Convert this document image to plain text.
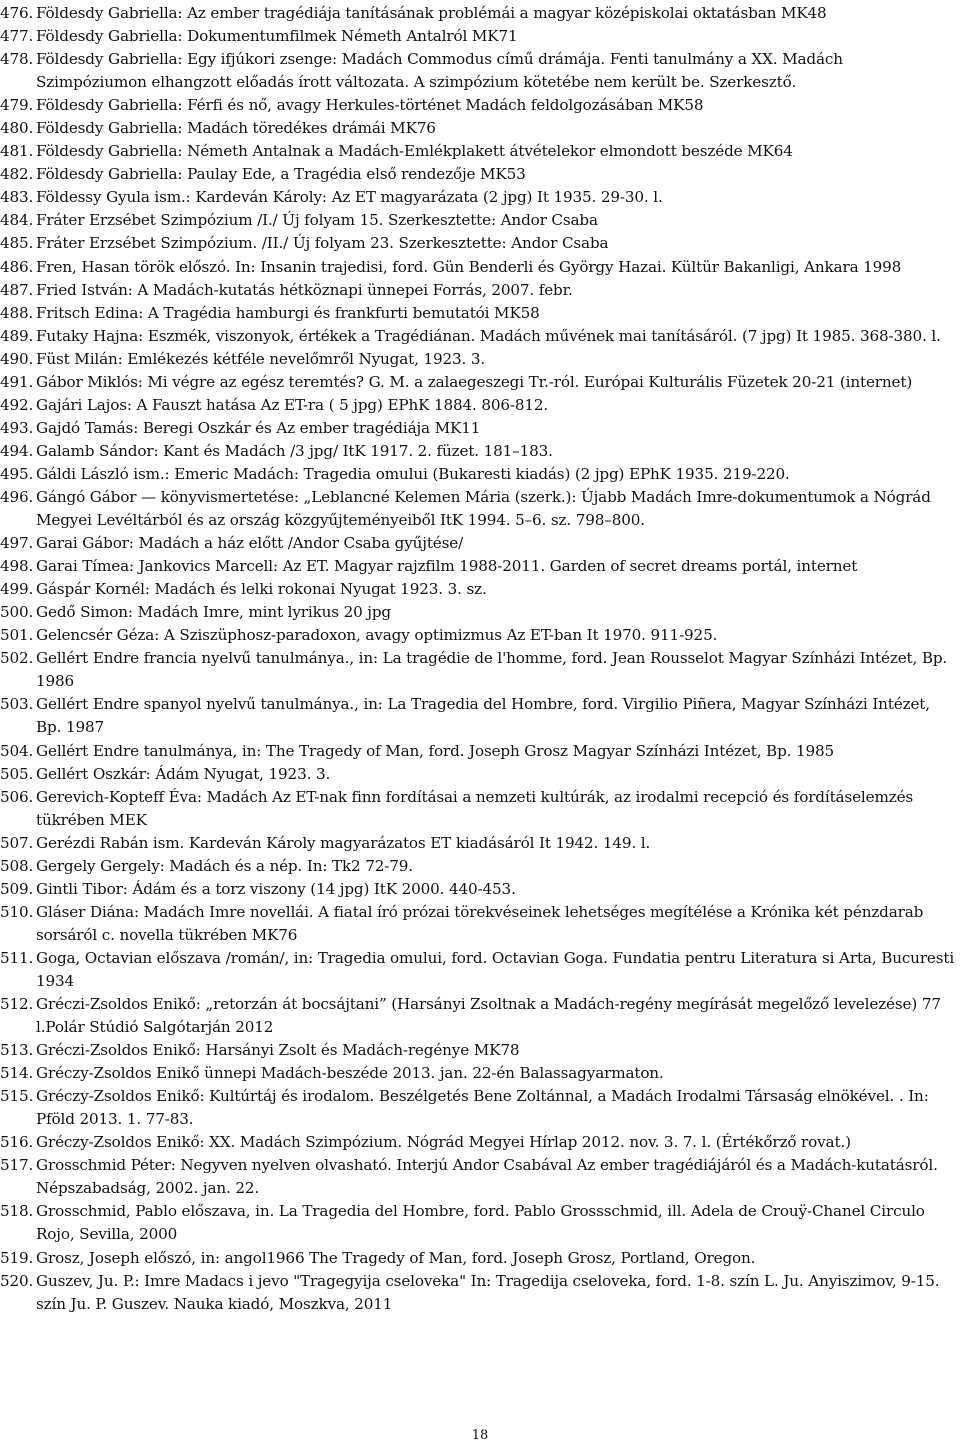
476. Földesdy Gabriella: Az ember tragédiája tanításának problémái a magyar középiskolai oktatásban MK48
477. Földesdy Gabriella: Dokumentumfilmek Németh Antalról MK71
478. Földesdy Gabriella: Egy ifjúkori zsenge: Madách Commodus című drámája. Fenti tanulmány a XX. Madách Szimpóziumon elhangzott előadás írott változata. A szimpózium kötetébe nem került be. Szerkesztő.
479. Földesdy Gabriella: Férfi és nő, avagy Herkules-történet Madách feldolgozásában MK58
480. Földesdy Gabriella: Madách töredékes drámái MK76
481. Földesdy Gabriella: Németh Antalnak a Madách-Emlékplakett átvételekor elmondott beszéde MK64
482. Földesdy Gabriella: Paulay Ede, a Tragédia első rendezője MK53
483. Földessy Gyula ism.: Kardeván Károly: Az ET magyarázata (2 jpg) It 1935. 29-30. l.
484. Fráter Erzsébet Szimpózium /I./ Új folyam 15. Szerkesztette: Andor Csaba
485. Fráter Erzsébet Szimpózium. /II./ Új folyam 23. Szerkesztette: Andor Csaba
486. Fren, Hasan török előszó. In: Insanin trajedisi, ford. Gün Benderli és György Hazai. Kültür Bakanligi, Ankara 1998
487. Fried István: A Madách-kutatás hétköznapi ünnepei Forrás, 2007. febr.
488. Fritsch Edina: A Tragédia hamburgi és frankfurti bemutatói MK58
489. Futaky Hajna: Eszmék, viszonyok, értékek a Tragédiánan. Madách művének mai tanításáról. (7 jpg) It 1985. 368-380. l.
490. Füst Milán: Emlékezés kétféle nevelőmről Nyugat, 1923. 3.
491. Gábor Miklós: Mi végre az egész teremtés? G. M. a zalaegeszegi Tr.-ról. Európai Kulturális Füzetek 20-21 (internet)
492. Gajári Lajos: A Fauszt hatása Az ET-ra ( 5 jpg) EPhK 1884. 806-812.
493. Gajdó Tamás: Beregi Oszkár és Az ember tragédiája MK11
494. Galamb Sándor: Kant és Madách /3 jpg/ ItK 1917. 2. füzet. 181–183.
495. Gáldi László ism.: Emeric Madách: Tragedia omului (Bukaresti kiadás) (2 jpg) EPhK 1935. 219-220.
496. Gángó Gábor — könyvismertetése: „Leblancné Kelemen Mária (szerk.): Újabb Madách Imre-dokumentumok a Nógrád Megyei Levéltárból és az ország közgyűjteményeiből ItK 1994. 5–6. sz. 798–800.
497. Garai Gábor: Madách a ház előtt /Andor Csaba gyűjtése/
498. Garai Tímea: Jankovics Marcell: Az ET. Magyar rajzfilm 1988-2011. Garden of secret dreams portál, internet
499. Gáspár Kornél: Madách és lelki rokonai Nyugat 1923. 3. sz.
500. Gedő Simon: Madách Imre, mint lyrikus 20 jpg
501. Gelencsér Géza: A Sziszüphosz-paradoxon, avagy optimizmus Az ET-ban It 1970. 911-925.
502. Gellért Endre francia nyelvű tanulmánya., in: La tragédie de l'homme, ford. Jean Rousselot Magyar Színházi Intézet, Bp. 1986
503. Gellért Endre spanyol nyelvű tanulmánya., in: La Tragedia del Hombre, ford. Virgilio Piñera, Magyar Színházi Intézet, Bp. 1987
504. Gellért Endre tanulmánya, in: The Tragedy of Man, ford. Joseph Grosz Magyar Színházi Intézet, Bp. 1985
505. Gellért Oszkár: Ádám Nyugat, 1923. 3.
506. Gerevich-Kopteff Éva: Madách Az ET-nak finn fordításai a nemzeti kultúrák, az irodalmi recepció és fordításelemzés tükrében MEK
507. Gerézdi Rabán ism. Kardeván Károly magyarázatos ET kiadásáról It 1942. 149. l.
508. Gergely Gergely: Madách és a nép. In: Tk2 72-79.
509. Gintli Tibor: Ádám és a torz viszony (14 jpg) ItK 2000. 440-453.
510. Gláser Diána: Madách Imre novellái. A fiatal író prózai törekvéseinek lehetséges megítélése a Krónika két pénzdarab sorsáról c. novella tükrében MK76
511. Goga, Octavian előszava /román/, in: Tragedia omului, ford. Octavian Goga. Fundatia pentru Literatura si Arta, Bucuresti 1934
512. Gréczi-Zsoldos Enikő: „retorzán át bocsájtani” (Harsányi Zsoltnak a Madách-regény megírását megelőző levelezése) 77 l.Polár Stúdió Salgótarján 2012
513. Gréczi-Zsoldos Enikő: Harsányi Zsolt és Madách-regénye MK78
514. Gréczy-Zsoldos Enikő ünnepi Madách-beszéde 2013. jan. 22-én Balassagyarmaton.
515. Gréczy-Zsoldos Enikő: Kultúrtáj és irodalom. Beszélgetés Bene Zoltánnal, a Madách Irodalmi Társaság elnökével. . In: Pföld 2013. 1. 77-83.
516. Gréczy-Zsoldos Enikő: XX. Madách Szimpózium. Nógrád Megyei Hírlap 2012. nov. 3. 7. l. (Értékőrző rovat.)
517. Grosschmid Péter: Negyven nyelven olvasható. Interjú Andor Csabával Az ember tragédiájáról és a Madách-kutatásról. Népszabadság, 2002. jan. 22.
518. Grosschmid, Pablo előszava, in. La Tragedia del Hombre, ford. Pablo Grossschmid, ill. Adela de Crouÿ-Chanel Circulo Rojo, Sevilla, 2000
519. Grosz, Joseph előszó, in: angol1966 The Tragedy of Man, ford. Joseph Grosz, Portland, Oregon.
520. Guszev, Ju. P.: Imre Madacs i jevo "Tragegyija cseloveka" In: Tragedija cseloveka, ford. 1-8. szín L. Ju. Anyiszimov, 9-15. szín Ju. P. Guszev. Nauka kiadó, Moszkva, 2011
18
